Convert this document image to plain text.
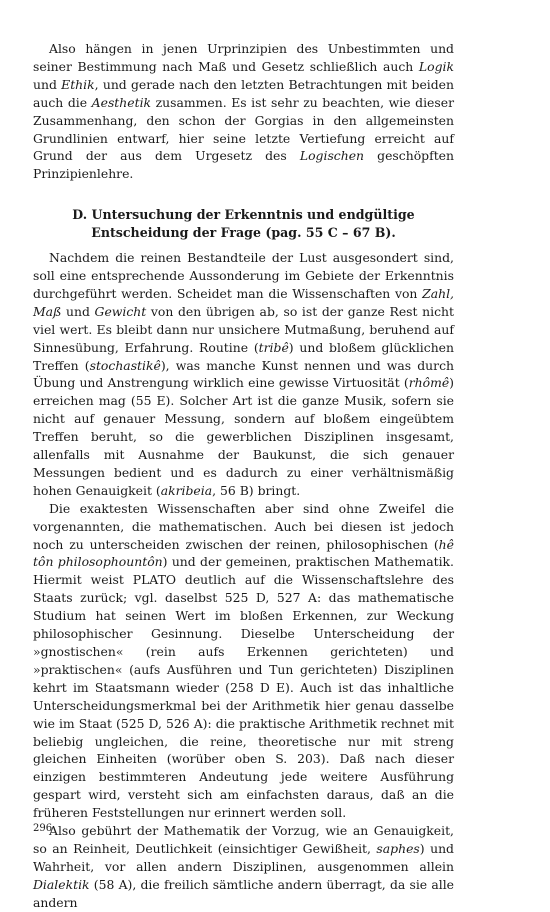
Also hängen in jenen Urprinzipien des Unbestimmten und seiner Bestimmung nach Maß und Gesetz schließlich auch Logik und Ethik, und gerade nach den letzten Betrachtungen mit beiden auch die Aesthetik zusammen. Es ist sehr zu beachten, wie dieser Zusammenhang, den schon der Gorgias in den allgemeinsten Grundlinien entwarf, hier seine letzte Vertiefung erreicht auf Grund der aus dem Urgesetz des Logischen geschöpften Prinzipienlehre.

D. Untersuchung der Erkenntnis und endgültige Entscheidung der Frage (pag. 55 C – 67 B).

Nachdem die reinen Bestandteile der Lust ausgesondert sind, soll eine entsprechende Aussonderung im Gebiete der Erkenntnis durchgeführt werden. Scheidet man die Wissenschaften von Zahl, Maß und Gewicht von den übrigen ab, so ist der ganze Rest nicht viel wert. Es bleibt dann nur unsichere Mutmaßung, beruhend auf Sinnesübung, Erfahrung. Routine (tribê) und bloßem glücklichen Treffen (stochastikê), was manche Kunst nennen und was durch Übung und Anstrengung wirklich eine gewisse Virtuosität (rhômê) erreichen mag (55 E). Solcher Art ist die ganze Musik, sofern sie nicht auf genauer Messung, sondern auf bloßem eingeübtem Treffen beruht, so die gewerblichen Disziplinen insgesamt, allenfalls mit Ausnahme der Baukunst, die sich genauer Messungen bedient und es dadurch zu einer verhältnismäßig hohen Genauigkeit (akribeia, 56 B) bringt.

Die exaktesten Wissenschaften aber sind ohne Zweifel die vorgenannten, die mathematischen. Auch bei diesen ist jedoch noch zu unterscheiden zwischen der reinen, philosophischen (hê tôn philosophountôn) und der gemeinen, praktischen Mathematik. Hiermit weist PLATO deutlich auf die Wissenschaftslehre des Staats zurück; vgl. daselbst 525 D, 527 A: das mathematische Studium hat seinen Wert im bloßen Erkennen, zur Weckung philosophischer Gesinnung. Dieselbe Unterscheidung der »gnostischen« (rein aufs Erkennen gerichteten) und »praktischen« (aufs Ausführen und Tun gerichteten) Disziplinen kehrt im Staatsmann wieder (258 D E). Auch ist das inhaltliche Unterscheidungsmerkmal bei der Arithmetik hier genau dasselbe wie im Staat (525 D, 526 A): die praktische Arithmetik rechnet mit beliebig ungleichen, die reine, theoretische nur mit streng gleichen Einheiten (worüber oben S. 203). Daß nach dieser einzigen bestimmteren Andeutung jede weitere Ausführung gespart wird, versteht sich am einfachsten daraus, daß an die früheren Feststellungen nur erinnert werden soll.

Also gebührt der Mathematik der Vorzug, wie an Genauigkeit, so an Reinheit, Deutlichkeit (einsichtiger Gewißheit, saphes) und Wahrheit, vor allen andern Disziplinen, ausgenommen allein Dialektik (58 A), die freilich sämtliche andern überragt, da sie alle andern

296
